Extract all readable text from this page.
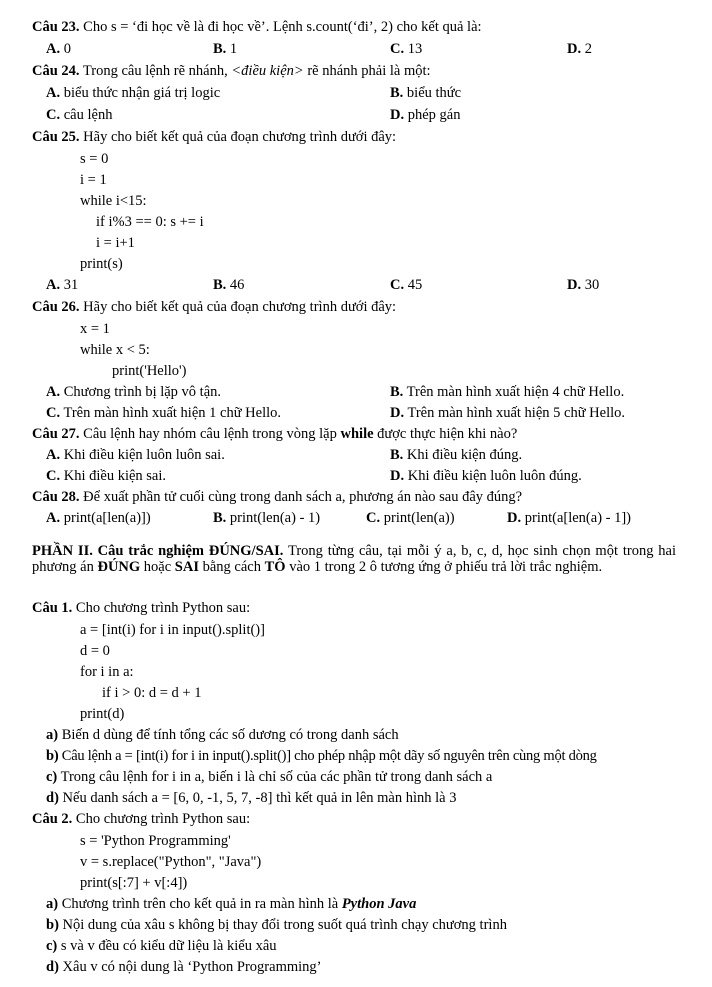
Câu 23. Cho s = ‘đi học về là đi học về’. Lệnh s.count(‘đi’, 2) cho kết quả là:
A. 0	B. 1	C. 13	D. 2
Câu 24. Trong câu lệnh rẽ nhánh, <điều kiện> rẽ nhánh phải là một:
A. biểu thức nhận giá trị logic	B. biểu thức
C. câu lệnh	D. phép gán
Câu 25. Hãy cho biết kết quả của đoạn chương trình dưới đây:
s = 0
i = 1
while i<15:
if i%3 == 0: s += i
i = i+1
print(s)
A. 31	B. 46	C. 45	D. 30
Câu 26. Hãy cho biết kết quả của đoạn chương trình dưới đây:
x = 1
while x < 5:
print('Hello')
A. Chương trình bị lặp vô tận.	B. Trên màn hình xuất hiện 4 chữ Hello.
C. Trên màn hình xuất hiện 1 chữ Hello.	D. Trên màn hình xuất hiện 5 chữ Hello.
Câu 27. Câu lệnh hay nhóm câu lệnh trong vòng lặp while được thực hiện khi nào?
A. Khi điều kiện luôn luôn sai.	B. Khi điều kiện đúng.
C. Khi điều kiện sai.	D. Khi điều kiện luôn luôn đúng.
Câu 28. Để xuất phần tử cuối cùng trong danh sách a, phương án nào sau đây đúng?
A. print(a[len(a)])	B. print(len(a) - 1)	C. print(len(a))	D. print(a[len(a) - 1])
PHẦN II. Câu trắc nghiệm ĐÚNG/SAI. Trong từng câu, tại mỗi ý a, b, c, d, học sinh chọn một trong hai phương án ĐÚNG hoặc SAI bằng cách TÔ vào 1 trong 2 ô tương ứng ở phiếu trả lời trắc nghiệm.
Câu 1. Cho chương trình Python sau:
a = [int(i) for i in input().split()]
d = 0
for i in a:
if i > 0: d = d + 1
print(d)
a) Biến d dùng để tính tổng các số dương có trong danh sách
b) Câu lệnh a = [int(i) for i in input().split()] cho phép nhập một dãy số nguyên trên cùng một dòng
c) Trong câu lệnh for i in a, biến i là chỉ số của các phần tử trong danh sách a
d) Nếu danh sách a = [6, 0, -1, 5, 7, -8] thì kết quả in lên màn hình là 3
Câu 2. Cho chương trình Python sau:
s = 'Python Programming'
v = s.replace("Python", "Java")
print(s[:7] + v[:4])
a) Chương trình trên cho kết quả in ra màn hình là Python Java
b) Nội dung của xâu s không bị thay đổi trong suốt quá trình chạy chương trình
c) s và v đều có kiểu dữ liệu là kiểu xâu
d) Xâu v có nội dung là ‘Python Programming’
